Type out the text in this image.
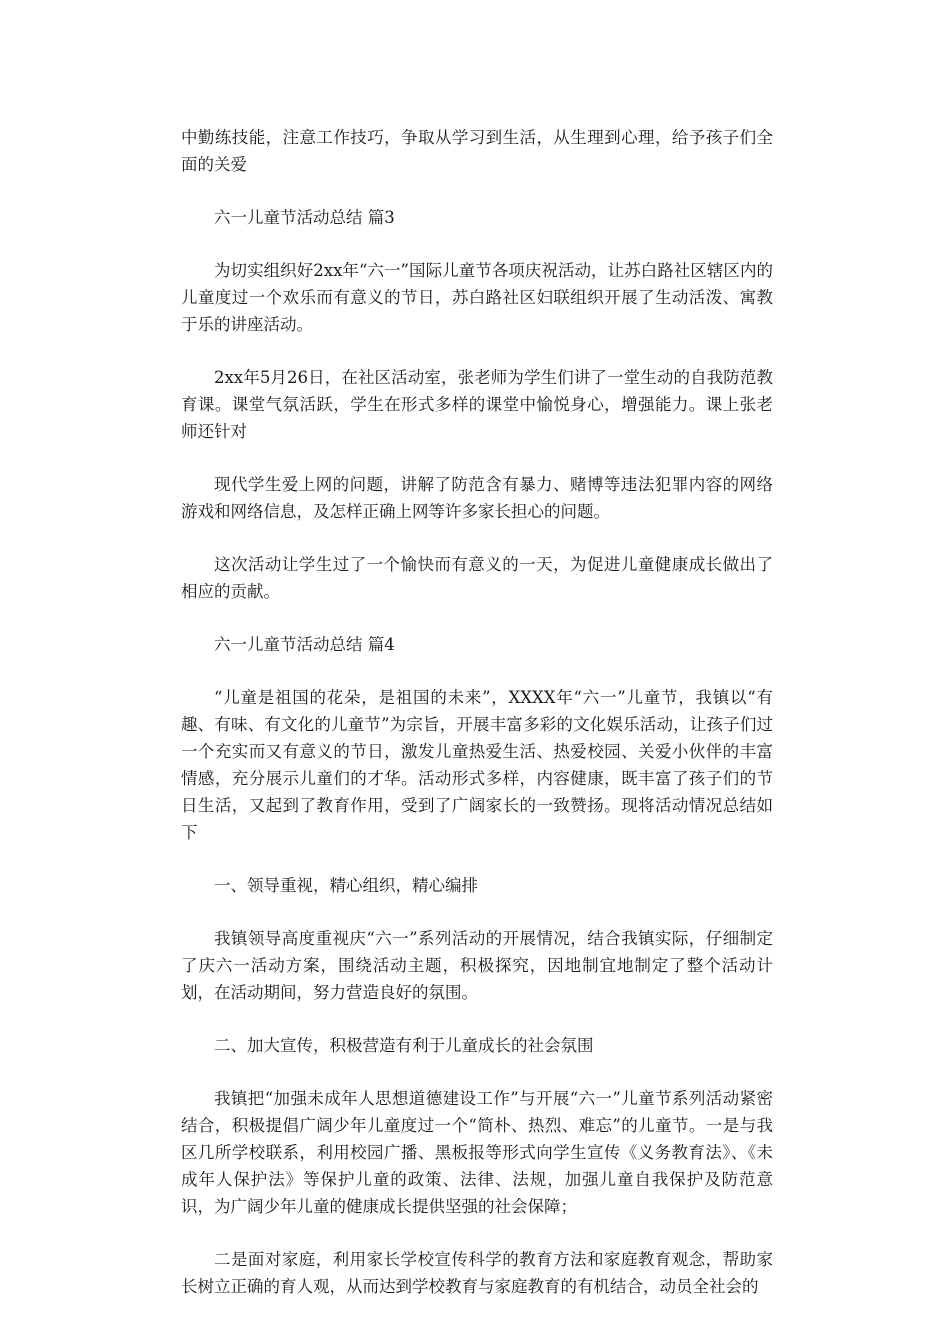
中勤练技能，注意工作技巧，争取从学习到生活，从生理到心理，给予孩子们全面的关爱

六一儿童节活动总结 篇3

为切实组织好2xx年“六一”国际儿童节各项庆祝活动，让苏白路社区辖区内的儿童度过一个欢乐而有意义的节日，苏白路社区妇联组织开展了生动活泼、寓教于乐的讲座活动。

2xx年5月26日，在社区活动室，张老师为学生们讲了一堂生动的自我防范教育课。课堂气氛活跃，学生在形式多样的课堂中愉悦身心，增强能力。课上张老师还针对

现代学生爱上网的问题，讲解了防范含有暴力、赌博等违法犯罪内容的网络游戏和网络信息，及怎样正确上网等许多家长担心的问题。

这次活动让学生过了一个愉快而有意义的一天，为促进儿童健康成长做出了相应的贡献。

六一儿童节活动总结 篇4

“儿童是祖国的花朵，是祖国的未来”，XXXX年“六一”儿童节，我镇以“有趣、有味、有文化的儿童节”为宗旨，开展丰富多彩的文化娱乐活动，让孩子们过一个充实而又有意义的节日，激发儿童热爱生活、热爱校园、关爱小伙伴的丰富情感，充分展示儿童们的才华。活动形式多样，内容健康，既丰富了孩子们的节日生活，又起到了教育作用，受到了广阔家长的一致赞扬。现将活动情况总结如下

一、领导重视，精心组织，精心编排

我镇领导高度重视庆“六一”系列活动的开展情况，结合我镇实际，仔细制定了庆六一活动方案，围绕活动主题，积极探究，因地制宜地制定了整个活动计划，在活动期间，努力营造良好的氛围。

二、加大宣传，积极营造有利于儿童成长的社会氛围

我镇把“加强未成年人思想道德建设工作”与开展“六一”儿童节系列活动紧密结合，积极提倡广阔少年儿童度过一个“简朴、热烈、难忘”的儿童节。一是与我区几所学校联系，利用校园广播、黑板报等形式向学生宣传《义务教育法》、《未成年人保护法》等保护儿童的政策、法律、法规，加强儿童自我保护及防范意识，为广阔少年儿童的健康成长提供坚强的社会保障；

二是面对家庭，利用家长学校宣传科学的教育方法和家庭教育观念，帮助家长树立正确的育人观，从而达到学校教育与家庭教育的有机结合，动员全社会的
